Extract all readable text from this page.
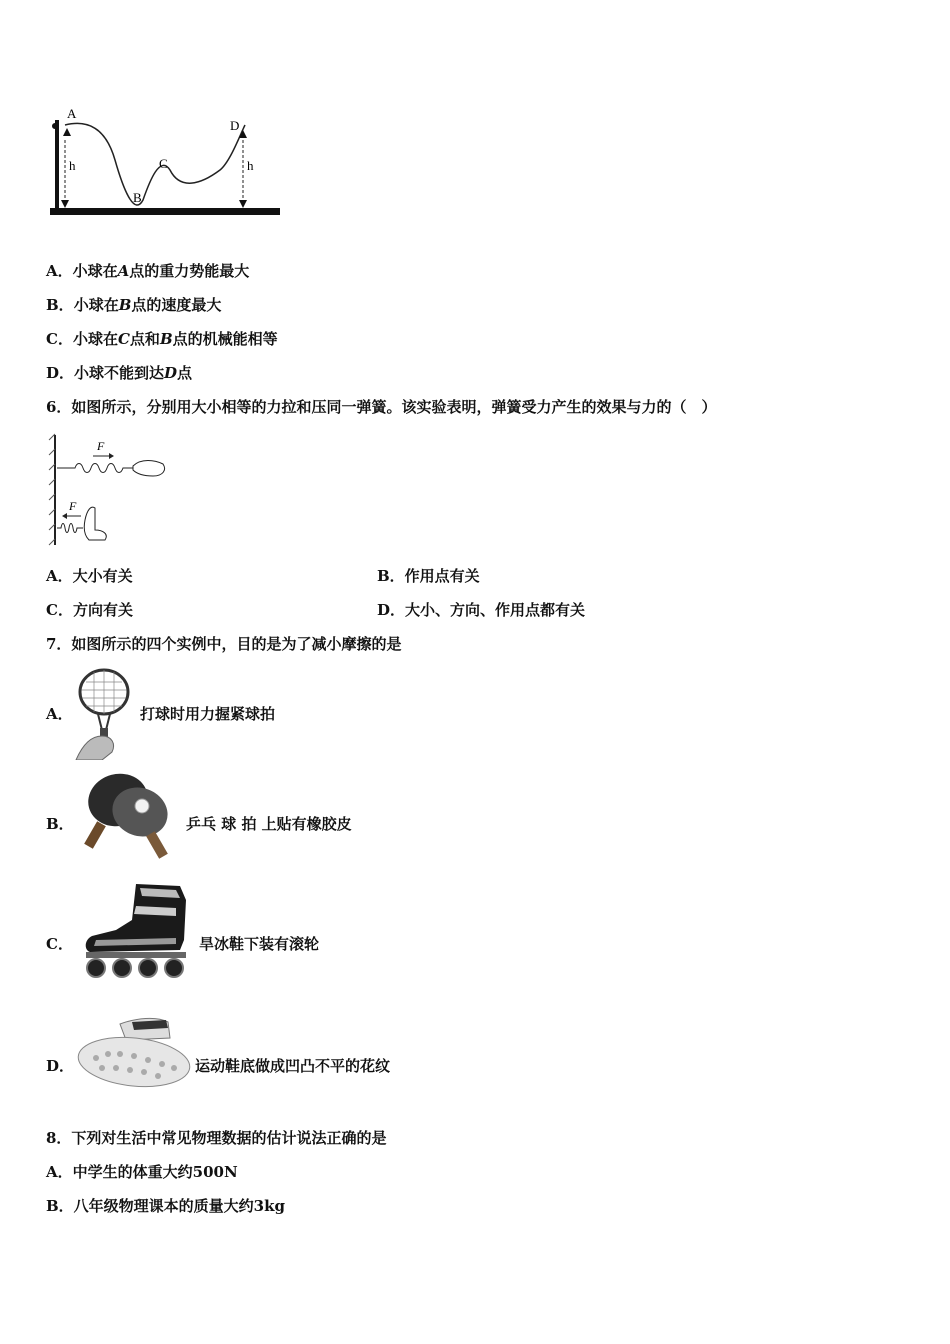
A
B
C
D
h	h
A．小球在A点的重力势能最大
B．小球在B点的速度最大
C．小球在C点和B点的机械能相等
D．小球不能到达D点
6．如图所示，分别用大小相等的力拉和压同一弹簧。该实验表明，弹簧受力产生的效果与力的（　）
F
F
A．大小有关	B．作用点有关
C．方向有关	D．大小、方向、作用点都有关
7．如图所示的四个实例中，目的是为了减小摩擦的是
A．	打球时用力握紧球拍
B．	乒乓 球 拍 上贴有橡胶皮
C．	旱冰鞋下装有滚轮
D．	运动鞋底做成凹凸不平的花纹
8．下列对生活中常见物理数据的估计说法正确的是
A．中学生的体重大约500N
B．八年级物理课本的质量大约3kg
